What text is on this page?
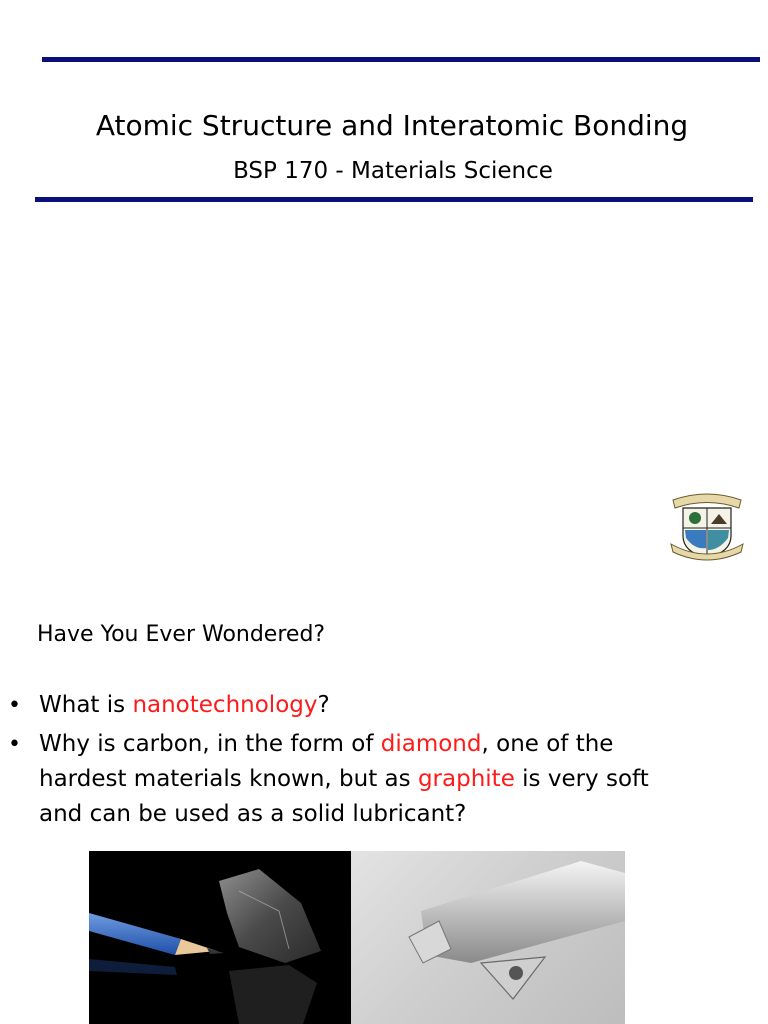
Atomic Structure and Interatomic Bonding
BSP 170 - Materials Science
Have You Ever Wondered?
• What is nanotechnology?
• Why is carbon, in the form of diamond, one of the hardest materials known, but as graphite is very soft and can be used as a solid lubricant?
